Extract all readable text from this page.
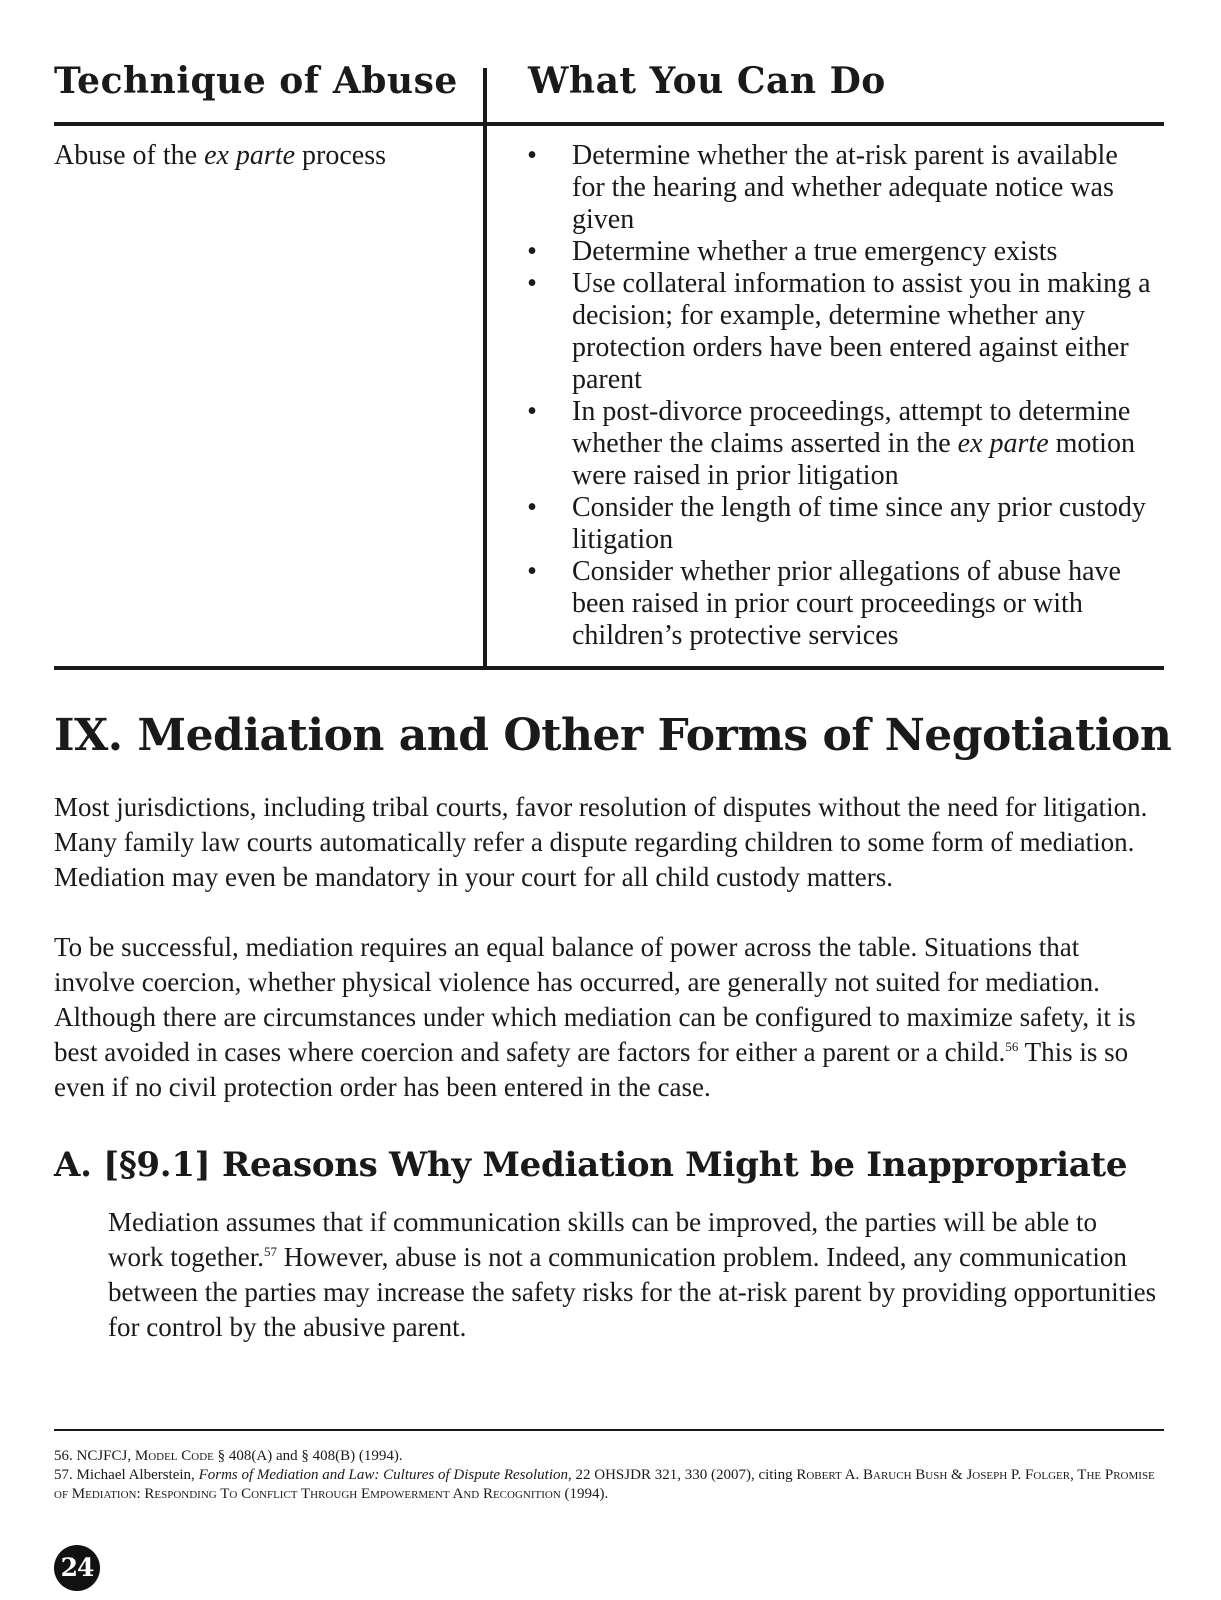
Technique of Abuse What You Can Do
Abuse of the ex parte process	• Determine whether the at-risk parent is available for the hearing and whether adequate notice was given
• Determine whether a true emergency exists
• Use collateral information to assist you in making a decision; for example, determine whether any protection orders have been entered against either parent
• In post-divorce proceedings, attempt to determine whether the claims asserted in the ex parte motion were raised in prior litigation
• Consider the length of time since any prior custody litigation
• Consider whether prior allegations of abuse have been raised in prior court proceedings or with children’s protective services
IX. Mediation and Other Forms of Negotiation

Most jurisdictions, including tribal courts, favor resolution of disputes without the need for litigation. Many family law courts automatically refer a dispute regarding children to some form of mediation. Mediation may even be mandatory in your court for all child custody matters.

To be successful, mediation requires an equal balance of power across the table. Situations that involve coercion, whether physical violence has occurred, are generally not suited for mediation. Although there are circumstances under which mediation can be configured to maximize safety, it is best avoided in cases where coercion and safety are factors for either a parent or a child.$^{56}$ This is so even if no civil protection order has been entered in the case.

A. [§9.1] Reasons Why Mediation Might be Inappropriate

Mediation assumes that if communication skills can be improved, the parties will be able to work together.$^{57}$ However, abuse is not a communication problem. Indeed, any communication between the parties may increase the safety risks for the at-risk parent by providing opportunities for control by the abusive parent.

56. NCJFCJ, Model Code § 408(A) and § 408(B) (1994).

57. Michael Alberstein, Forms of Mediation and Law: Cultures of Dispute Resolution, 22 OHSJDR 321, 330 (2007), citing Robert A. Baruch Bush & Joseph P. Folger, The Promise of Mediation: Responding To Conflict Through Empowerment And Recognition (1994).

24
